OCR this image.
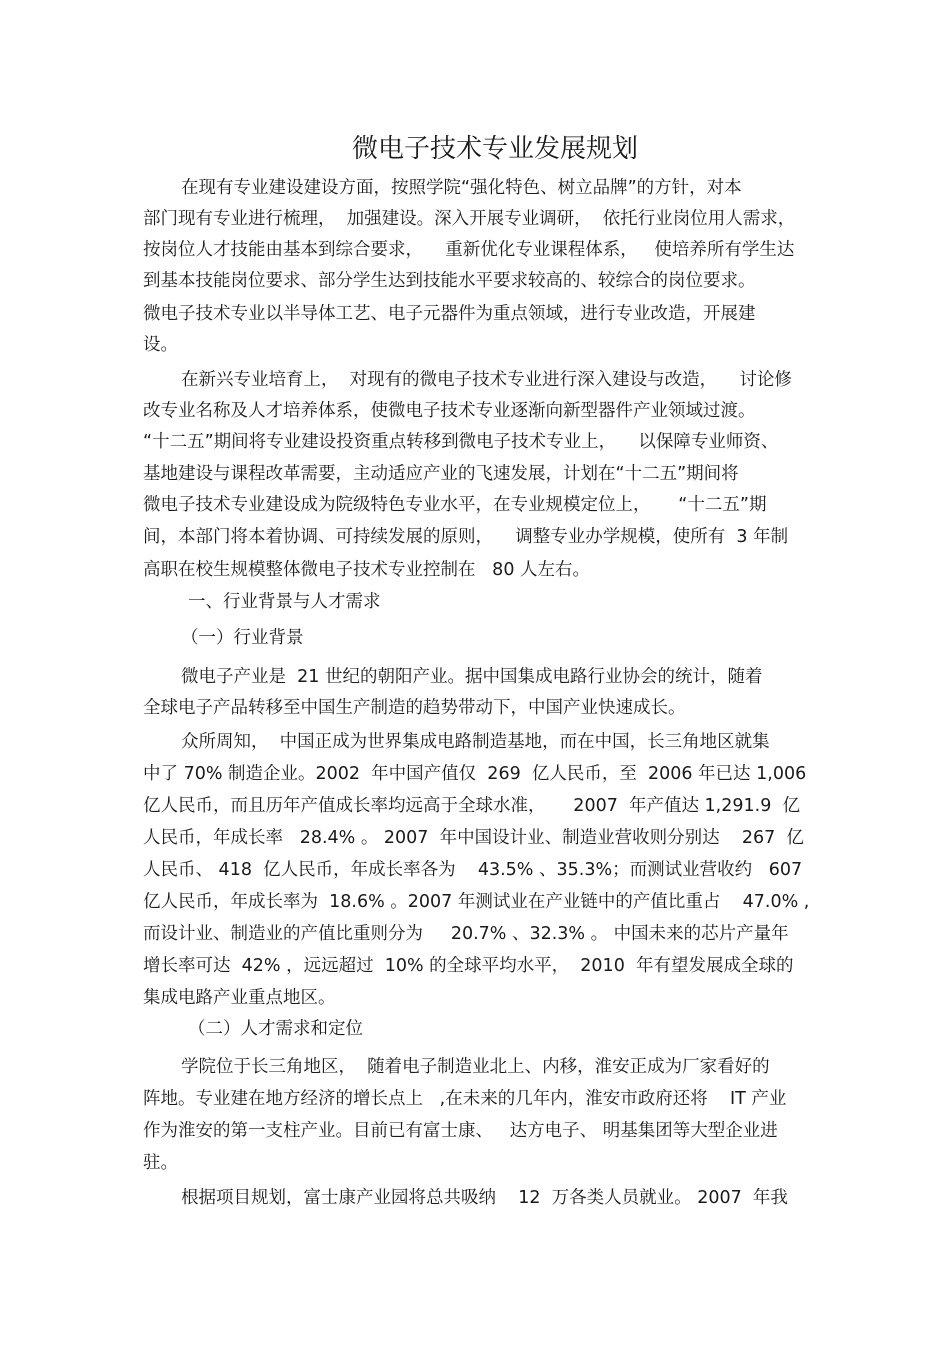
微电子技术专业发展规划
在现有专业建设建设方面，按照学院“强化特色、树立品牌”的方针，对本
部门现有专业进行梳理，  加强建设。深入开展专业调研，  依托行业岗位用人需求，
按岗位人才技能由基本到综合要求，    重新优化专业课程体系，   使培养所有学生达
到基本技能岗位要求、部分学生达到技能水平要求较高的、较综合的岗位要求。
微电子技术专业以半导体工艺、电子元器件为重点领域，进行专业改造，开展建
设。
在新兴专业培育上，  对现有的微电子技术专业进行深入建设与改造，    讨论修
改专业名称及人才培养体系，使微电子技术专业逐渐向新型器件产业领域过渡。
“十二五”期间将专业建设投资重点转移到微电子技术专业上，    以保障专业师资、
基地建设与课程改革需要，主动适应产业的飞速发展，计划在“十二五”期间将
微电子技术专业建设成为院级特色专业水平，在专业规模定位上，     “十二五”期
间，本部门将本着协调、可持续发展的原则，    调整专业办学规模，使所有  3 年制
高职在校生规模整体微电子技术专业控制在   80 人左右。
一、行业背景与人才需求
（一）行业背景
微电子产业是  21 世纪的朝阳产业。据中国集成电路行业协会的统计，随着
全球电子产品转移至中国生产制造的趋势带动下，中国产业快速成长。
众所周知，  中国正成为世界集成电路制造基地，而在中国，长三角地区就集
中了 70% 制造企业。2002  年中国产值仅  269  亿人民币，至  2006 年已达 1,006
亿人民币，而且历年产值成长率均远高于全球水准，     2007  年产值达 1,291.9  亿
人民币，年成长率   28.4% 。 2007  年中国设计业、制造业营收则分别达    267  亿
人民币、 418  亿人民币，年成长率各为    43.5% 、35.3%；而测试业营收约   607
亿人民币，年成长率为  18.6% 。2007 年测试业在产业链中的产值比重占    47.0% ,
而设计业、制造业的产值比重则分为     20.7% 、32.3% 。 中国未来的芯片产量年
增长率可达  42% ，远远超过  10% 的全球平均水平，  2010  年有望发展成全球的
集成电路产业重点地区。
（二）人才需求和定位
学院位于长三角地区，  随着电子制造业北上、内移，淮安正成为厂家看好的
阵地。专业建在地方经济的增长点上   ,在未来的几年内，淮安市政府还将    IT 产业
作为淮安的第一支柱产业。目前已有富士康、   达方电子、 明基集团等大型企业进
驻。
根据项目规划，富士康产业园将总共吸纳    12  万各类人员就业。 2007  年我
